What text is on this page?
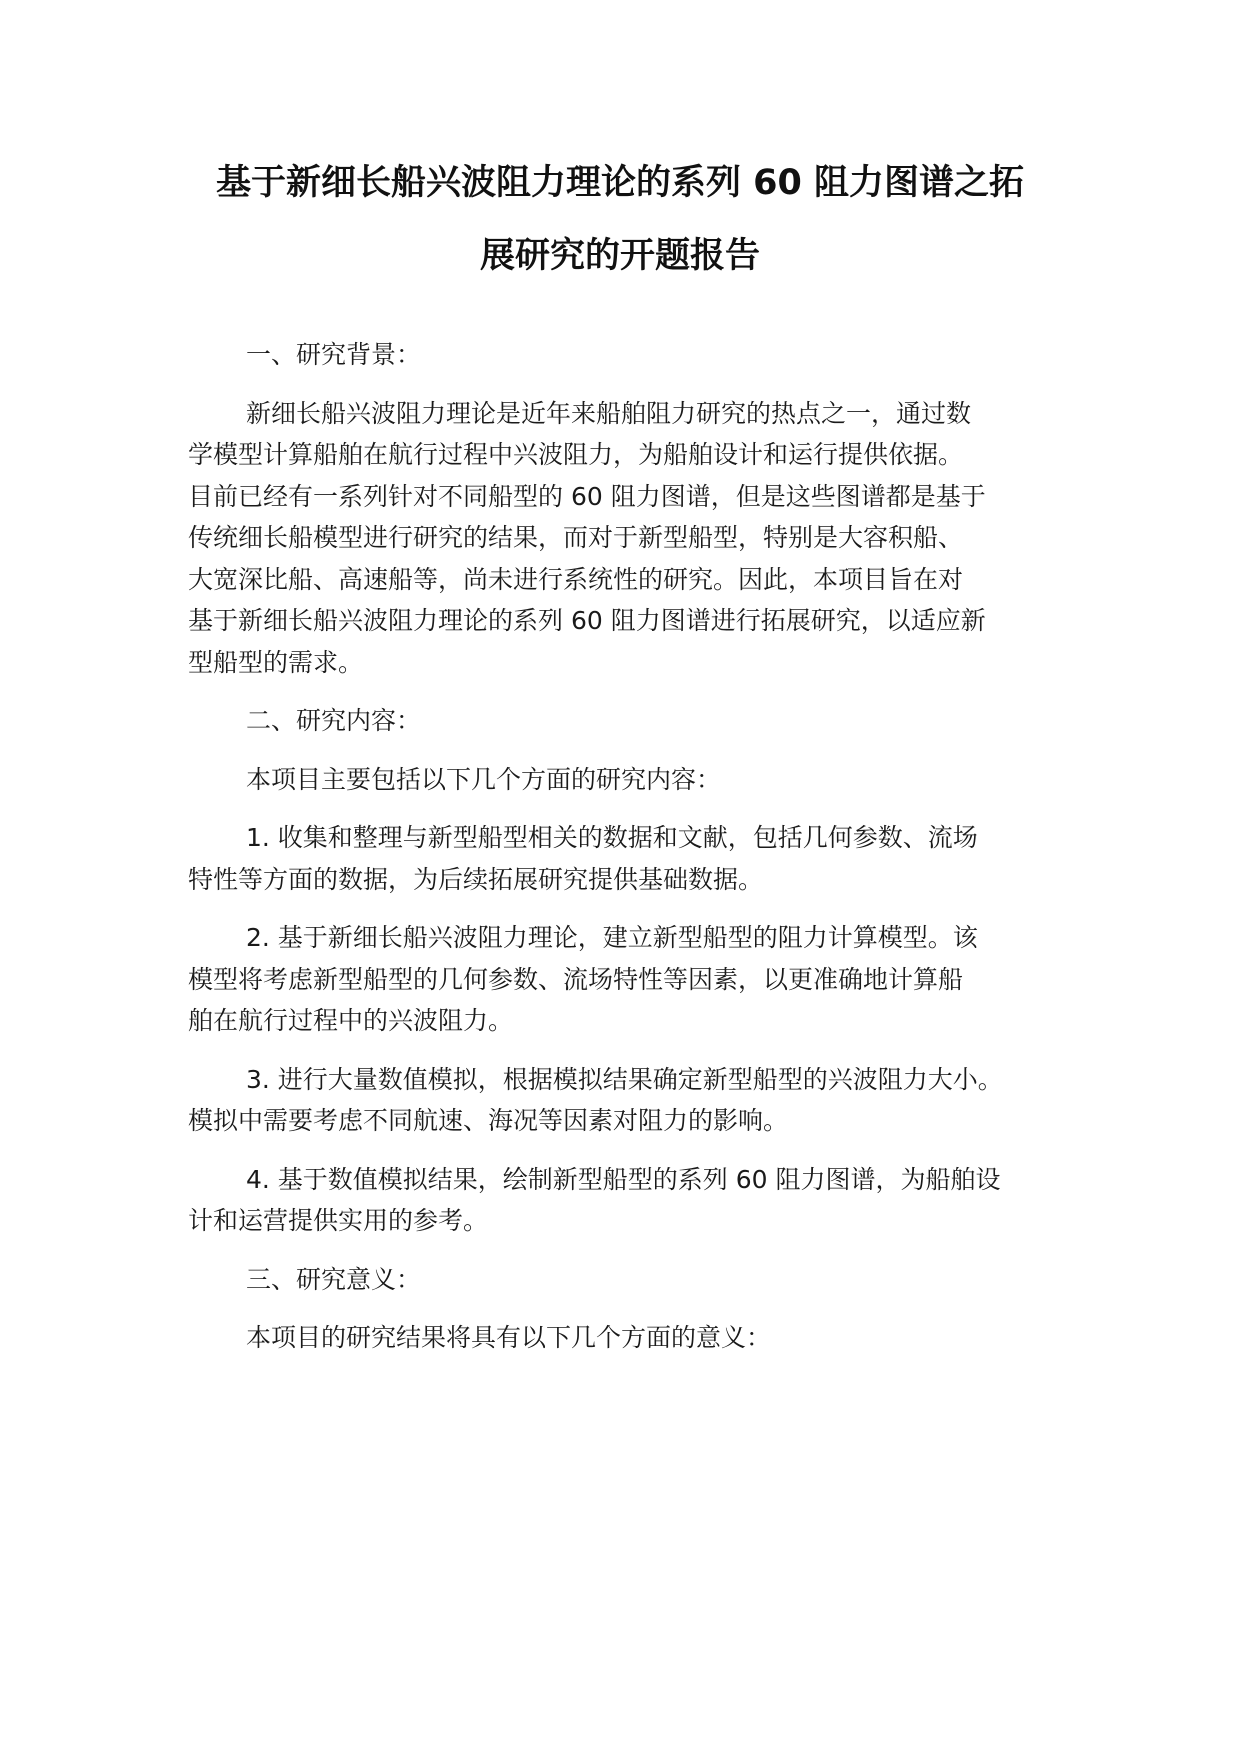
基于新细长船兴波阻力理论的系列 60 阻力图谱之拓
展研究的开题报告
一、研究背景：
新细长船兴波阻力理论是近年来船舶阻力研究的热点之一，通过数
学模型计算船舶在航行过程中兴波阻力，为船舶设计和运行提供依据。
目前已经有一系列针对不同船型的 60 阻力图谱，但是这些图谱都是基于
传统细长船模型进行研究的结果，而对于新型船型，特别是大容积船、
大宽深比船、高速船等，尚未进行系统性的研究。因此，本项目旨在对
基于新细长船兴波阻力理论的系列 60 阻力图谱进行拓展研究，以适应新
型船型的需求。
二、研究内容：
本项目主要包括以下几个方面的研究内容：
1. 收集和整理与新型船型相关的数据和文献，包括几何参数、流场
特性等方面的数据，为后续拓展研究提供基础数据。
2. 基于新细长船兴波阻力理论，建立新型船型的阻力计算模型。该
模型将考虑新型船型的几何参数、流场特性等因素，以更准确地计算船
舶在航行过程中的兴波阻力。
3. 进行大量数值模拟，根据模拟结果确定新型船型的兴波阻力大小。
模拟中需要考虑不同航速、海况等因素对阻力的影响。
4. 基于数值模拟结果，绘制新型船型的系列 60 阻力图谱，为船舶设
计和运营提供实用的参考。
三、研究意义：
本项目的研究结果将具有以下几个方面的意义：
